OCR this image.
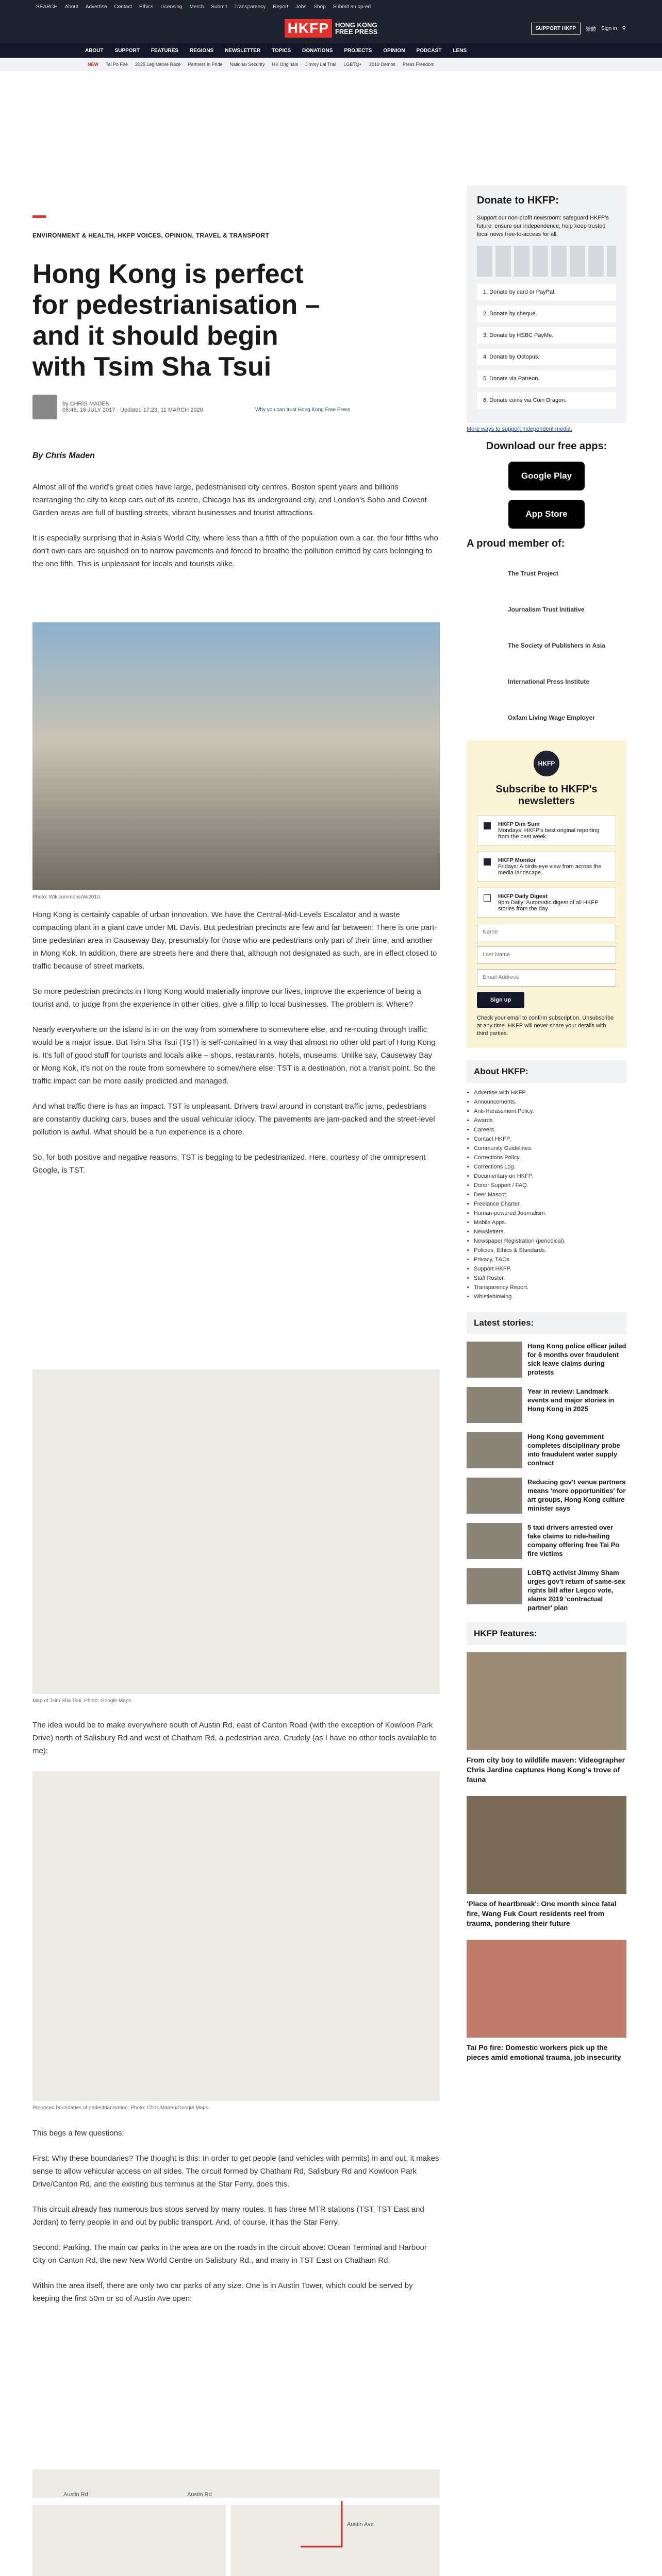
SEARCH About Advertise Contact Ethics Licensing Merch Submit Transparency Report Jobs Shop Submit an op-ed
HKFP HONG KONG
FREE PRESS	SUPPORT HKFP	繁體 Sign in ⚲
ABOUT SUPPORT FEATURES REGIONS NEWSLETTER TOPICS DONATIONS PROJECTS OPINION PODCAST LENS
NEW Tai Po Fire 2025 Legislative Race Partners in Pride National Security HK Originals Jimmy Lai Trial LGBTQ+ 2019 Demos Press Freedom
ENVIRONMENT & HEALTH, HKFP VOICES, OPINION, TRAVEL & TRANSPORT
Hong Kong is perfect for pedestrianisation – and it should begin with Tsim Sha Tsui
by CHRIS MADEN
05:46, 16 JULY 2017 · Updated 17:23, 11 MARCH 2020	Why you can trust Hong Kong Free Press
By Chris Maden

Almost all of the world's great cities have large, pedestrianised city centres. Boston spent years and billions rearranging the city to keep cars out of its centre, Chicago has its underground city, and London's Soho and Covent Garden areas are full of bustling streets, vibrant businesses and tourist attractions.

It is especially surprising that in Asia's World City, where less than a fifth of the population own a car, the four fifths who don't own cars are squished on to narrow pavements and forced to breathe the pollution emitted by cars belonging to the one fifth. This is unpleasant for locals and tourists alike.

Photo: Wikicommons/Wi2010.

Hong Kong is certainly capable of urban innovation. We have the Central-Mid-Levels Escalator and a waste compacting plant in a giant cave under Mt. Davis. But pedestrian precincts are few and far between: There is one part-time pedestrian area in Causeway Bay, presumably for those who are pedestrians only part of their time, and another in Mong Kok. In addition, there are streets here and there that, although not designated as such, are in effect closed to traffic because of street markets.

So more pedestrian precincts in Hong Kong would materially improve our lives, improve the experience of being a tourist and, to judge from the experience in other cities, give a fillip to local businesses. The problem is: Where?

Nearly everywhere on the island is in on the way from somewhere to somewhere else, and re-routing through traffic would be a major issue. But Tsim Sha Tsui (TST) is self-contained in a way that almost no other old part of Hong Kong is. It's full of good stuff for tourists and locals alike – shops, restaurants, hotels, museums. Unlike say, Causeway Bay or Mong Kok, it's not on the route from somewhere to somewhere else: TST is a destination, not a transit point. So the traffic impact can be more easily predicted and managed.

And what traffic there is has an impact. TST is unpleasant. Drivers trawl around in constant traffic jams, pedestrians are constantly ducking cars, buses and the usual vehicular idiocy. The pavements are jam-packed and the street-level pollution is awful. What should be a fun experience is a chore.

So, for both positive and negative reasons, TST is begging to be pedestrianized. Here, courtesy of the omnipresent Google, is TST.

Map of Tsim Sha Tsui. Photo: Google Maps.

The idea would be to make everywhere south of Austin Rd, east of Canton Road (with the exception of Kowloon Park Drive) north of Salisbury Rd and west of Chatham Rd, a pedestrian area. Crudely (as I have no other tools available to me):

Proposed boundaries of pedestrianisation. Photo: Chris Maden/Google Maps.

This begs a few questions:

First: Why these boundaries? The thought is this: In order to get people (and vehicles with permits) in and out, it makes sense to allow vehicular access on all sides. The circuit formed by Chatham Rd, Salisbury Rd and Kowloon Park Drive/Canton Rd, and the existing bus terminus at the Star Ferry, does this.

This circuit already has numerous bus stops served by many routes. It has three MTR stations (TST, TST East and Jordan) to ferry people in and out by public transport. And, of course, it has the Star Ferry.

Second: Parking. The main car parks in the area are on the roads in the circuit above: Ocean Terminal and Harbour City on Canton Rd, the new New World Centre on Salisbury Rd., and many in TST East on Chatham Rd.

Within the area itself, there are only two car parks of any size. One is in Austin Tower, which could be served by keeping the first 50m or so of Austin Ave open:

Austin Rd	Austin Rd
Austin Ave

Donate to HKFP:

Support our non-profit newsroom: safeguard HKFP's future, ensure our independence, help keep trusted local news free-to-access for all.

1. Donate by card or PayPal.
2. Donate by cheque.
3. Donate by HSBC PayMe.
4. Donate by Octopus.
5. Donate via Patreon.
6. Donate coins via Coin Dragon.
More ways to support independent media.
Download our free apps:
Google Play
App Store
A proud member of:
The Trust Project
Journalism Trust Initiative
The Society of Publishers in Asia
International Press Institute
Oxfam Living Wage Employer
HKFP
Subscribe to HKFP's newsletters
HKFP Dim Sum
Mondays: HKFP's best original reporting from the past week.
HKFP Monitor
Fridays: A birds-eye view from across the media landscape.
HKFP Daily Digest
9pm Daily: Automatic digest of all HKFP stories from the day.
Name
Last Name
Email Address
Sign up

Check your email to confirm subscription. Unsubscribe at any time. HKFP will never share your details with third parties.

About HKFP:
• Advertise with HKFP.
• Announcements.
• Anti-Harassment Policy.
• Awards.
• Careers.
• Contact HKFP.
• Community Guidelines.
• Corrections Policy.
• Corrections Log.
• Documentary on HKFP.
• Donor Support / FAQ.
• Deer Mascot.
• Freelance Charter.
• Human-powered Journalism.
• Mobile Apps.
• Newsletters.
• Newspaper Registration (periodical).
• Policies, Ethics & Standards.
• Privacy, T&Cs.
• Support HKFP.
• Staff Roster.
• Transparency Report.
• Whistleblowing.
Latest stories:
Hong Kong police officer jailed for 6 months over fraudulent sick leave claims during protests
Year in review: Landmark events and major stories in Hong Kong in 2025
Hong Kong government completes disciplinary probe into fraudulent water supply contract
Reducing gov't venue partners means 'more opportunities' for art groups, Hong Kong culture minister says
5 taxi drivers arrested over fake claims to ride-hailing company offering free Tai Po fire victims
LGBTQ activist Jimmy Sham urges gov't return of same-sex rights bill after Legco vote, slams 2019 'contractual partner' plan
HKFP features:
From city boy to wildlife maven: Videographer Chris Jardine captures Hong Kong's trove of fauna
'Place of heartbreak': One month since fatal fire, Wang Fuk Court residents reel from trauma, pondering their future
Tai Po fire: Domestic workers pick up the pieces amid emotional trauma, job insecurity
